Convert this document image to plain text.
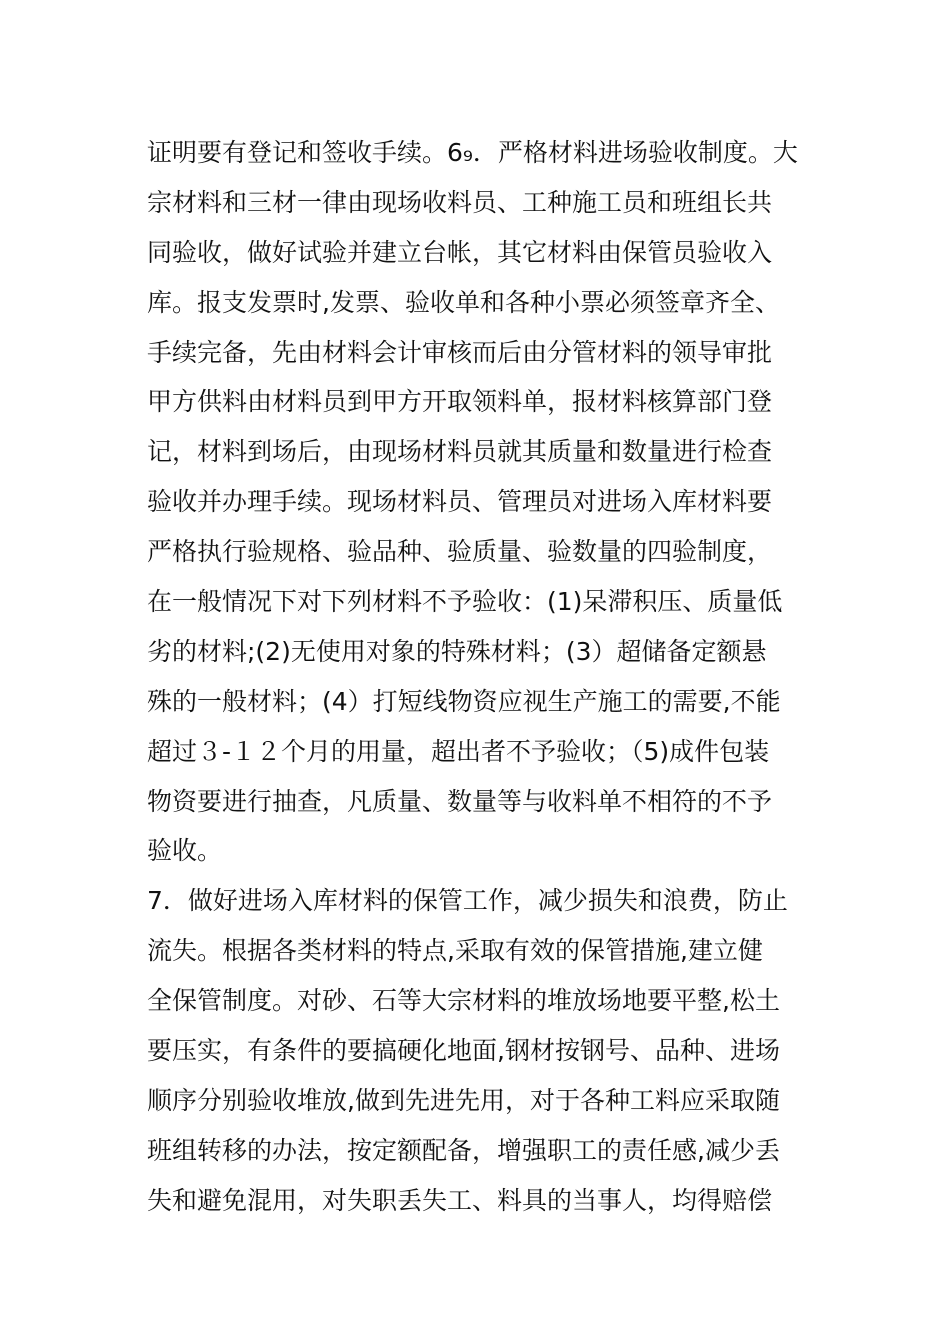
证明要有登记和签收手续。6₉．严格材料进场验收制度。大
宗材料和三材一律由现场收料员、工种施工员和班组长共
同验收，做好试验并建立台帐，其它材料由保管员验收入
库。报支发票时,发票、验收单和各种小票必须签章齐全、
手续完备，先由材料会计审核而后由分管材料的领导审批
甲方供料由材料员到甲方开取领料单，报材料核算部门登
记，材料到场后，由现场材料员就其质量和数量进行检查
验收并办理手续。现场材料员、管理员对进场入库材料要
严格执行验规格、验品种、验质量、验数量的四验制度，
在一般情况下对下列材料不予验收：(1)呆滞积压、质量低
劣的材料;(2)无使用对象的特殊材料；(3）超储备定额悬
殊的一般材料；(4）打短线物资应视生产施工的需要,不能
超过３-１２个月的用量，超出者不予验收；（5)成件包装
物资要进行抽查，凡质量、数量等与收料单不相符的不予
验收。
7．做好进场入库材料的保管工作，减少损失和浪费，防止
流失。根据各类材料的特点,采取有效的保管措施,建立健
全保管制度。对砂、石等大宗材料的堆放场地要平整,松土
要压实，有条件的要搞硬化地面,钢材按钢号、品种、进场
顺序分别验收堆放,做到先进先用，对于各种工料应采取随
班组转移的办法，按定额配备，增强职工的责任感,减少丢
失和避免混用，对失职丢失工、料具的当事人，均得赔偿
